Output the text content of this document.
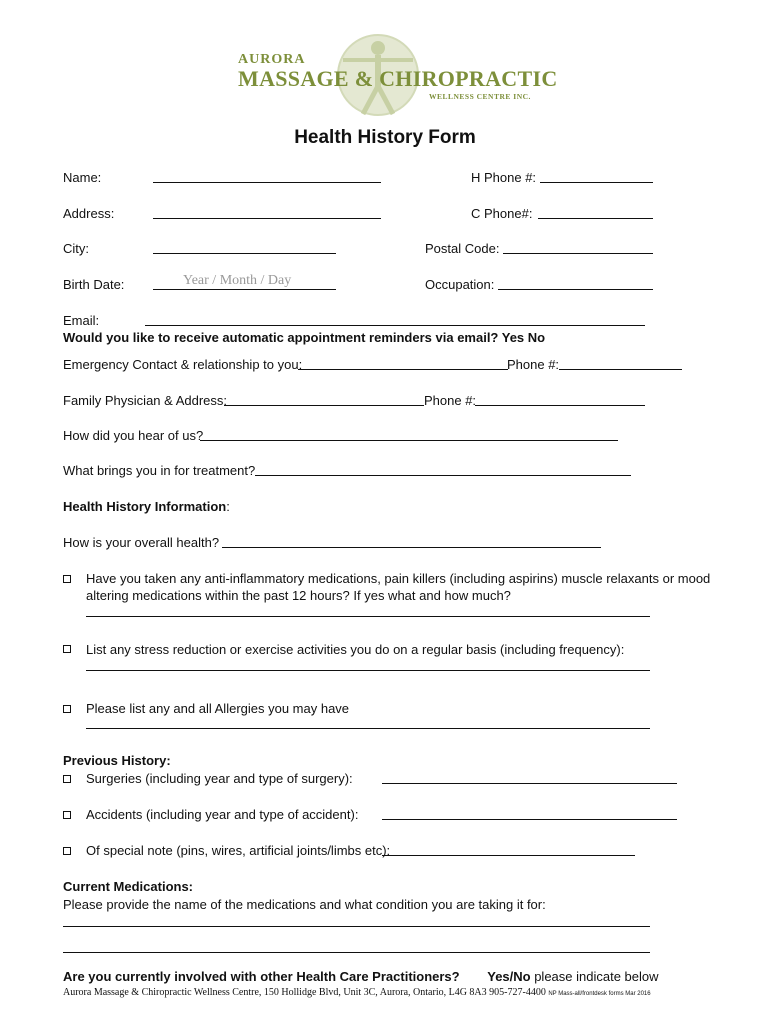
AURORA
MASSAGE & CHIROPRACTIC
WELLNESS CENTRE INC.
Health History Form
Name:	H Phone #:
Address:	C Phone#:
City:	Postal Code:
Birth Date:	Year / Month / Day	Occupation:
Email:
Would you like to receive automatic appointment reminders via email? Yes No
Emergency Contact & relationship to you:	Phone #:
Family Physician & Address:	Phone #:
How did you hear of us?
What brings you in for treatment?
Health History Information:
How is your overall health?
Have you taken any anti-inflammatory medications, pain killers (including aspirins) muscle relaxants or mood
altering medications within the past 12 hours? If yes what and how much?
List any stress reduction or exercise activities you do on a regular basis (including frequency):
Please list any and all Allergies you may have
Previous History:
Surgeries (including year and type of surgery):
Accidents (including year and type of accident):
Of special note (pins, wires, artificial joints/limbs etc):
Current Medications:
Please provide the name of the medications and what condition you are taking it for:
Are you currently involved with other Health Care Practitioners? Yes/No please indicate below
Aurora Massage & Chiropractic Wellness Centre, 150 Hollidge Blvd, Unit 3C, Aurora, Ontario, L4G 8A3 905-727-4400 NP Mass-all/frontdesk forms Mar 2016
